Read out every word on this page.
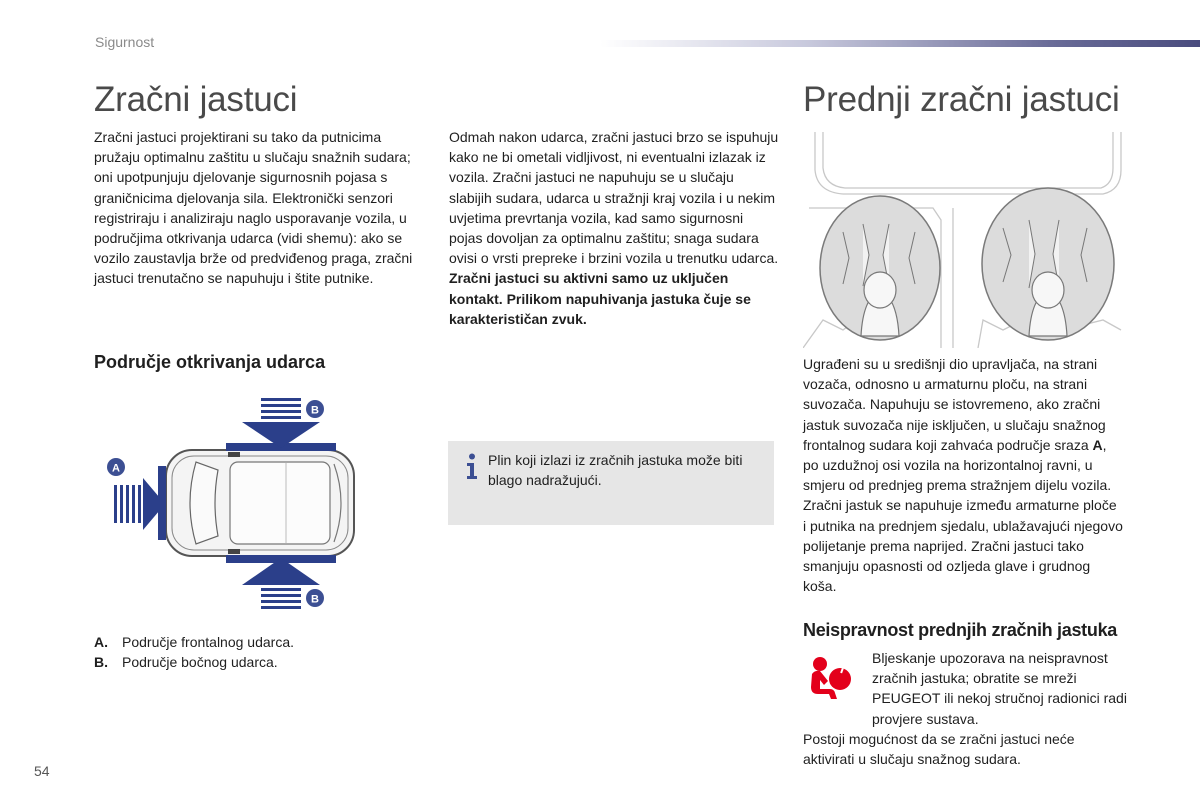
Sigurnost
Zračni jastuci

Zračni jastuci projektirani su tako da putnicima pružaju optimalnu zaštitu u slučaju snažnih sudara; oni upotpunjuju djelovanje sigurnosnih pojasa s graničnicima djelovanja sila. Elektronički senzori registriraju i analiziraju naglo usporavanje vozila, u područjima otkrivanja udarca (vidi shemu): ako se vozilo zaustavlja brže od predviđenog praga, zračni jastuci trenutačno se napuhuju i štite putnike.

Odmah nakon udarca, zračni jastuci brzo se ispuhuju kako ne bi ometali vidljivost, ni eventualni izlazak iz vozila. Zračni jastuci ne napuhuju se u slučaju slabijih sudara, udarca u stražnji kraj vozila i u nekim uvjetima prevrtanja vozila, kad samo sigurnosni pojas dovoljan za optimalnu zaštitu; snaga sudara ovisi o vrsti prepreke i brzini vozila u trenutku udarca. Zračni jastuci su aktivni samo uz uključen kontakt. Prilikom napuhivanja jastuka čuje se karakterističan zvuk.
Područje otkrivanja udarca
A
B
B
A. Područje frontalnog udarca.
B. Područje bočnog udarca.

Plin koji izlazi iz zračnih jastuka može biti blago nadražujući.

Prednji zračni jastuci

Ugrađeni su u središnji dio upravljača, na strani vozača, odnosno u armaturnu ploču, na strani suvozača. Napuhuju se istovremeno, ako zračni jastuk suvozača nije isključen, u slučaju snažnog frontalnog sudara koji zahvaća područje sraza A, po uzdužnoj osi vozila na horizontalnoj ravni, u smjeru od prednjeg prema stražnjem dijelu vozila. Zračni jastuk se napuhuje između armaturne ploče i putnika na prednjem sjedalu, ublažavajući njegovo polijetanje prema naprijed. Zračni jastuci tako smanjuju opasnosti od ozljeda glave i grudnog koša.

Neispravnost prednjih zračnih jastuka

Bljeskanje upozorava na neispravnost zračnih jastuka; obratite se mreži PEUGEOT ili nekoj stručnoj radionici radi provjere sustava.

Postoji mogućnost da se zračni jastuci neće aktivirati u slučaju snažnog sudara.

54
